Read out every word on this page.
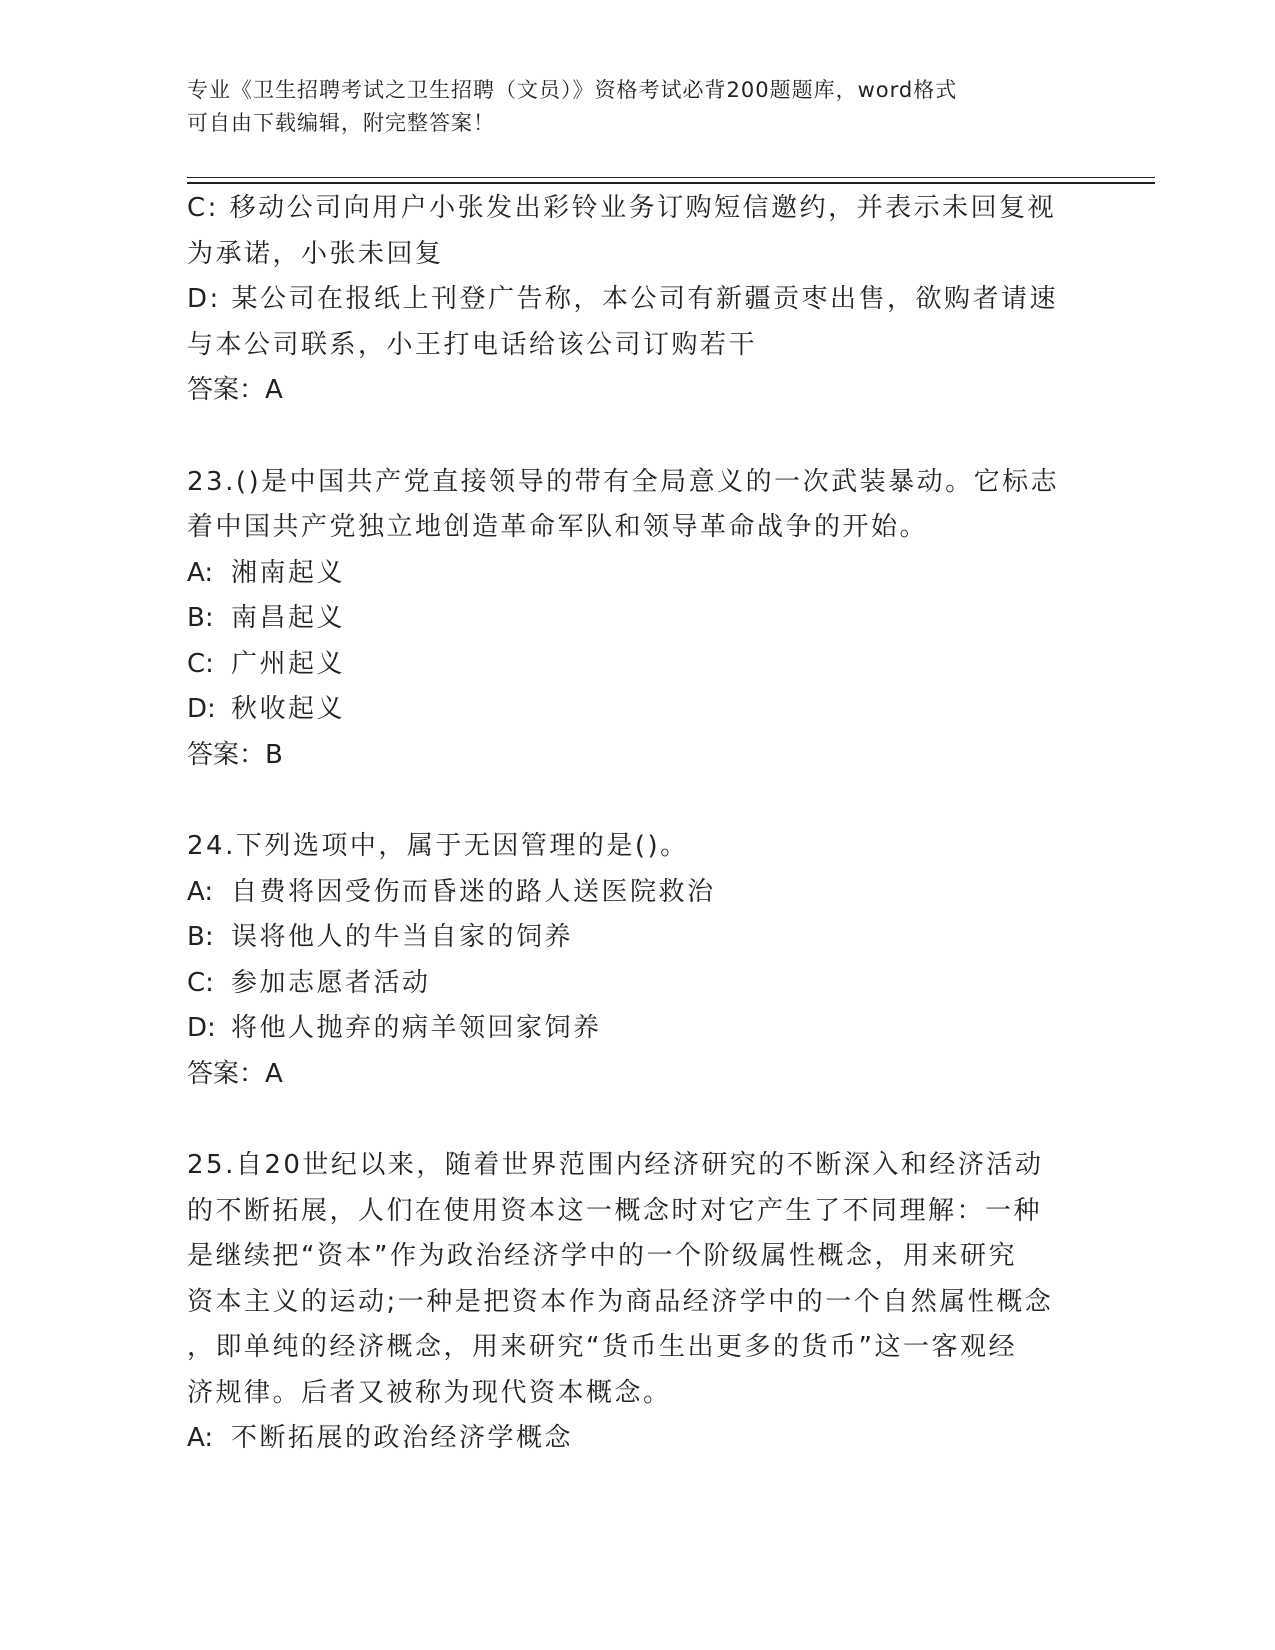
专业《卫生招聘考试之卫生招聘（文员）》资格考试必背200题题库，word格式
可自由下载编辑，附完整答案！
C: 移动公司向用户小张发出彩铃业务订购短信邀约，并表示未回复视
为承诺，小张未回复
D: 某公司在报纸上刊登广告称，本公司有新疆贡枣出售，欲购者请速
与本公司联系，小王打电话给该公司订购若干
答案：A
23.()是中国共产党直接领导的带有全局意义的一次武装暴动。它标志
着中国共产党独立地创造革命军队和领导革命战争的开始。
A: 湘南起义
B: 南昌起义
C: 广州起义
D: 秋收起义
答案：B
24.下列选项中，属于无因管理的是()。
A: 自费将因受伤而昏迷的路人送医院救治
B: 误将他人的牛当自家的饲养
C: 参加志愿者活动
D: 将他人抛弃的病羊领回家饲养
答案：A
25.自20世纪以来，随着世界范围内经济研究的不断深入和经济活动
的不断拓展，人们在使用资本这一概念时对它产生了不同理解：一种
是继续把“资本”作为政治经济学中的一个阶级属性概念，用来研究
资本主义的运动;一种是把资本作为商品经济学中的一个自然属性概念
，即单纯的经济概念，用来研究“货币生出更多的货币”这一客观经
济规律。后者又被称为现代资本概念。
A: 不断拓展的政治经济学概念
